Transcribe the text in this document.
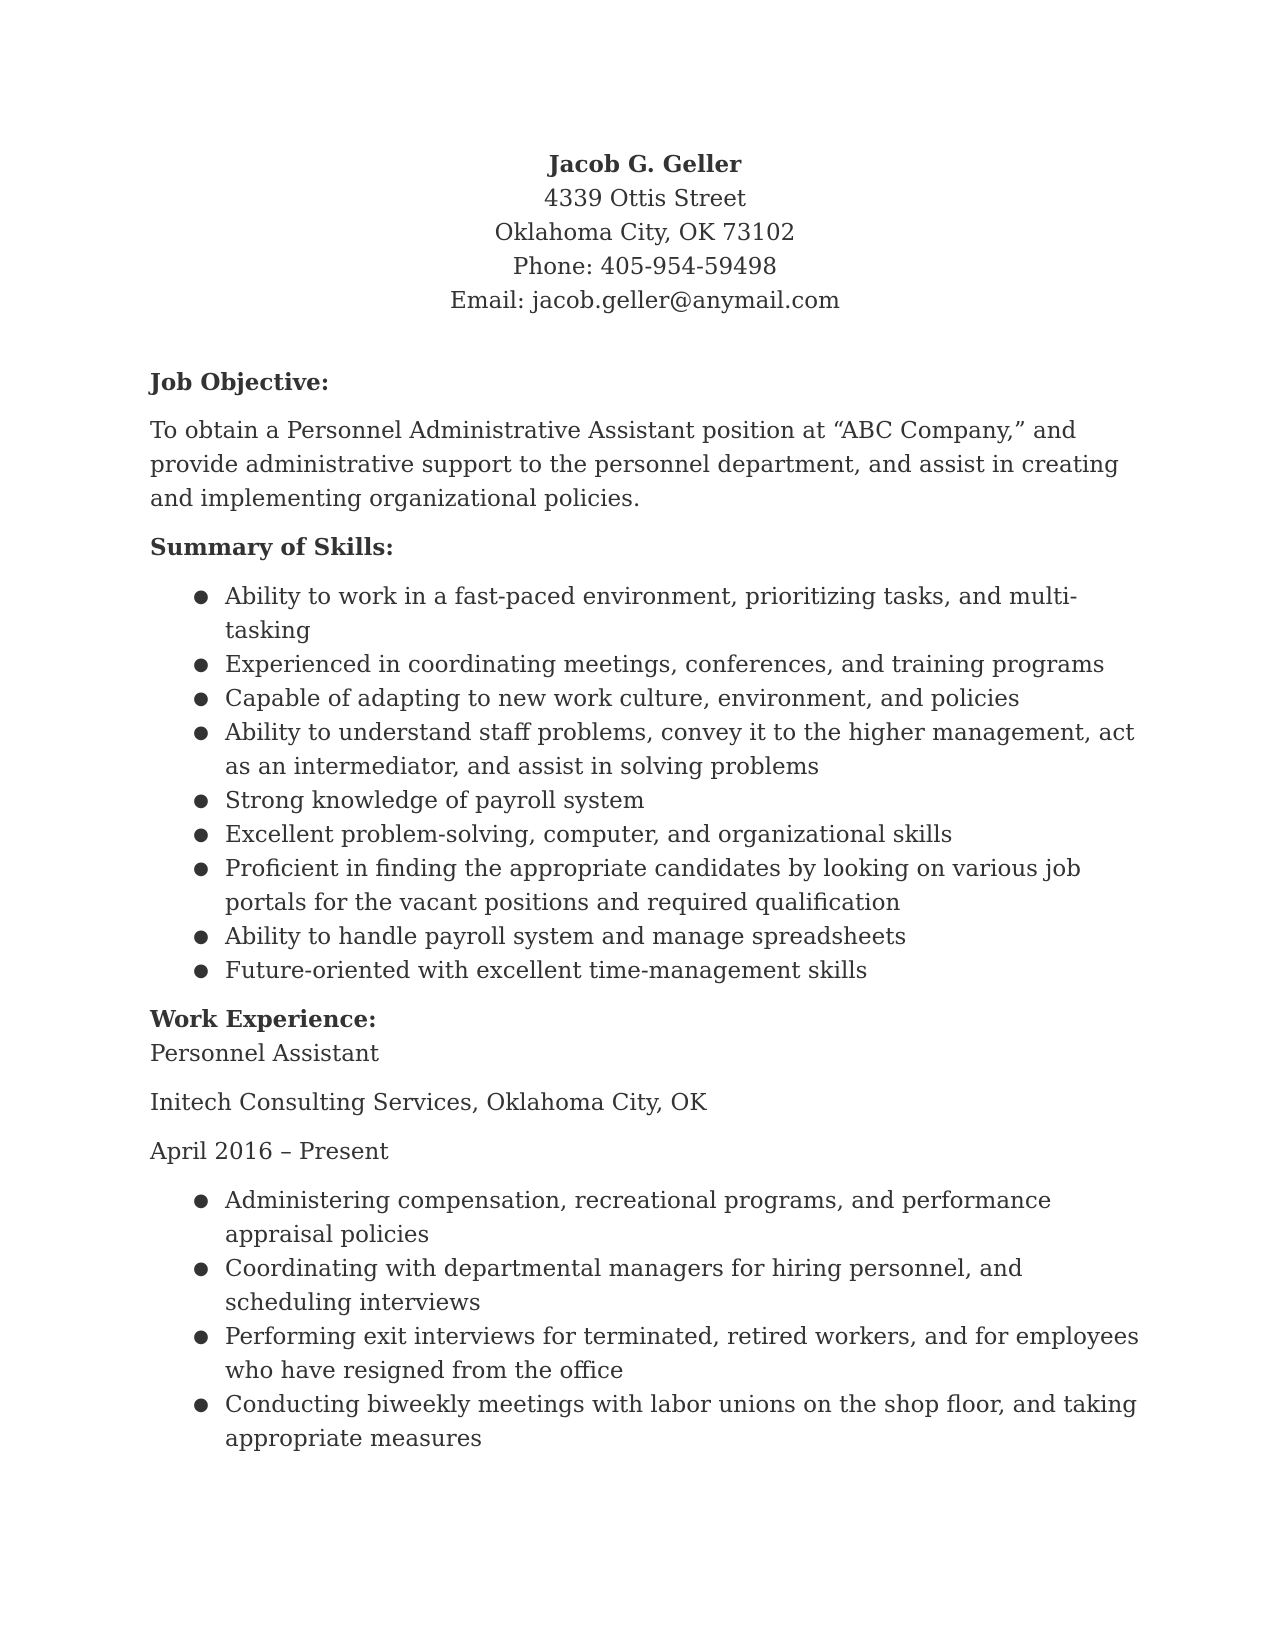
Jacob G. Geller
4339 Ottis Street
Oklahoma City, OK 73102
Phone: 405-954-59498
Email: jacob.geller@anymail.com
Job Objective:
To obtain a Personnel Administrative Assistant position at “ABC Company,” and provide administrative support to the personnel department, and assist in creating and implementing organizational policies.
Summary of Skills:
● Ability to work in a fast-paced environment, prioritizing tasks, and multi-tasking
● Experienced in coordinating meetings, conferences, and training programs
● Capable of adapting to new work culture, environment, and policies
● Ability to understand staff problems, convey it to the higher management, act as an intermediator, and assist in solving problems
● Strong knowledge of payroll system
● Excellent problem-solving, computer, and organizational skills
● Proficient in finding the appropriate candidates by looking on various job portals for the vacant positions and required qualification
● Ability to handle payroll system and manage spreadsheets
● Future-oriented with excellent time-management skills
Work Experience:
Personnel Assistant
Initech Consulting Services, Oklahoma City, OK
April 2016 – Present
● Administering compensation, recreational programs, and performance appraisal policies
● Coordinating with departmental managers for hiring personnel, and scheduling interviews
● Performing exit interviews for terminated, retired workers, and for employees who have resigned from the office
● Conducting biweekly meetings with labor unions on the shop floor, and taking appropriate measures
